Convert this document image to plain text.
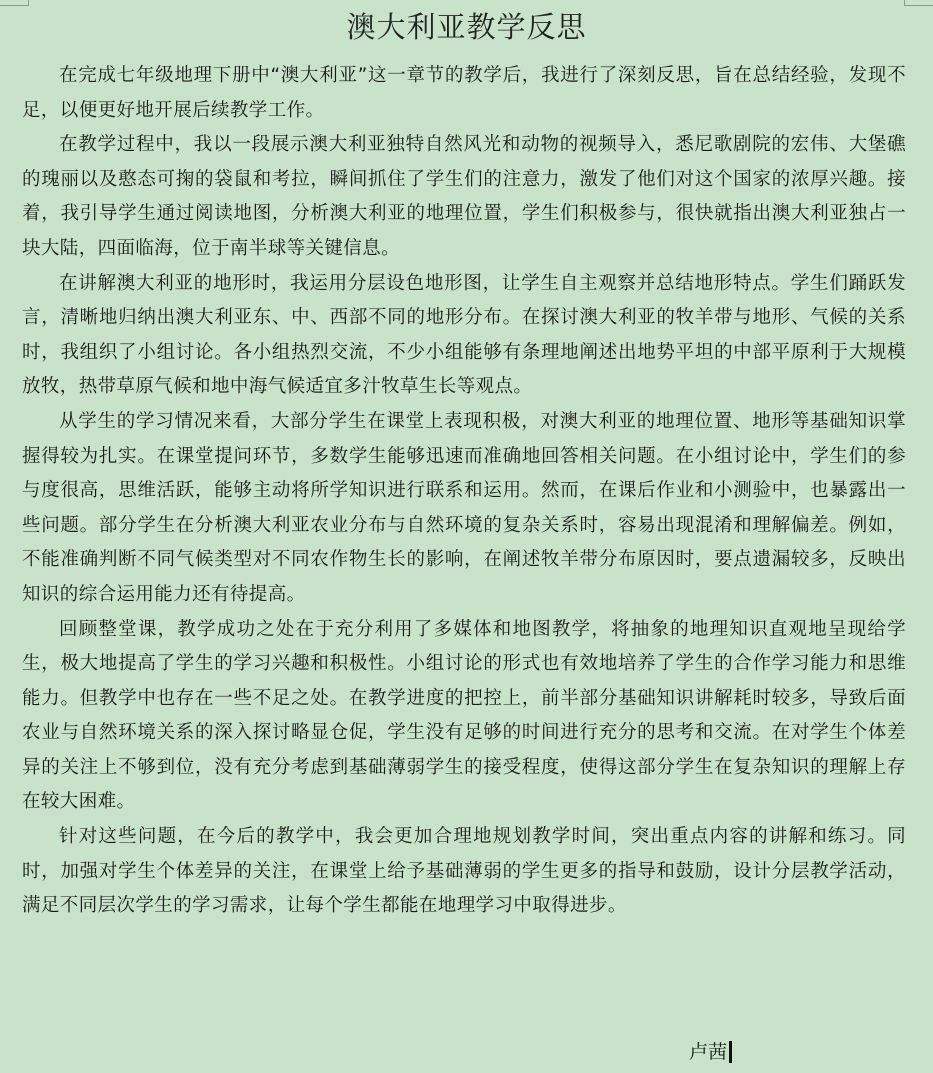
澳大利亚教学反思

在完成七年级地理下册中“澳大利亚”这一章节的教学后，我进行了深刻反思，旨在总结经验，发现不足，以便更好地开展后续教学工作。

在教学过程中，我以一段展示澳大利亚独特自然风光和动物的视频导入，悉尼歌剧院的宏伟、大堡礁的瑰丽以及憨态可掬的袋鼠和考拉，瞬间抓住了学生们的注意力，激发了他们对这个国家的浓厚兴趣。接着，我引导学生通过阅读地图，分析澳大利亚的地理位置，学生们积极参与，很快就指出澳大利亚独占一块大陆，四面临海，位于南半球等关键信息。

在讲解澳大利亚的地形时，我运用分层设色地形图，让学生自主观察并总结地形特点。学生们踊跃发言，清晰地归纳出澳大利亚东、中、西部不同的地形分布。在探讨澳大利亚的牧羊带与地形、气候的关系时，我组织了小组讨论。各小组热烈交流，不少小组能够有条理地阐述出地势平坦的中部平原利于大规模放牧，热带草原气候和地中海气候适宜多汁牧草生长等观点。

从学生的学习情况来看，大部分学生在课堂上表现积极，对澳大利亚的地理位置、地形等基础知识掌握得较为扎实。在课堂提问环节，多数学生能够迅速而准确地回答相关问题。在小组讨论中，学生们的参与度很高，思维活跃，能够主动将所学知识进行联系和运用。然而，在课后作业和小测验中，也暴露出一些问题。部分学生在分析澳大利亚农业分布与自然环境的复杂关系时，容易出现混淆和理解偏差。例如，不能准确判断不同气候类型对不同农作物生长的影响，在阐述牧羊带分布原因时，要点遗漏较多，反映出知识的综合运用能力还有待提高。

回顾整堂课，教学成功之处在于充分利用了多媒体和地图教学，将抽象的地理知识直观地呈现给学生，极大地提高了学生的学习兴趣和积极性。小组讨论的形式也有效地培养了学生的合作学习能力和思维能力。但教学中也存在一些不足之处。在教学进度的把控上，前半部分基础知识讲解耗时较多，导致后面农业与自然环境关系的深入探讨略显仓促，学生没有足够的时间进行充分的思考和交流。在对学生个体差异的关注上不够到位，没有充分考虑到基础薄弱学生的接受程度，使得这部分学生在复杂知识的理解上存在较大困难。

针对这些问题，在今后的教学中，我会更加合理地规划教学时间，突出重点内容的讲解和练习。同时，加强对学生个体差异的关注，在课堂上给予基础薄弱的学生更多的指导和鼓励，设计分层教学活动，满足不同层次学生的学习需求，让每个学生都能在地理学习中取得进步。

卢茜
